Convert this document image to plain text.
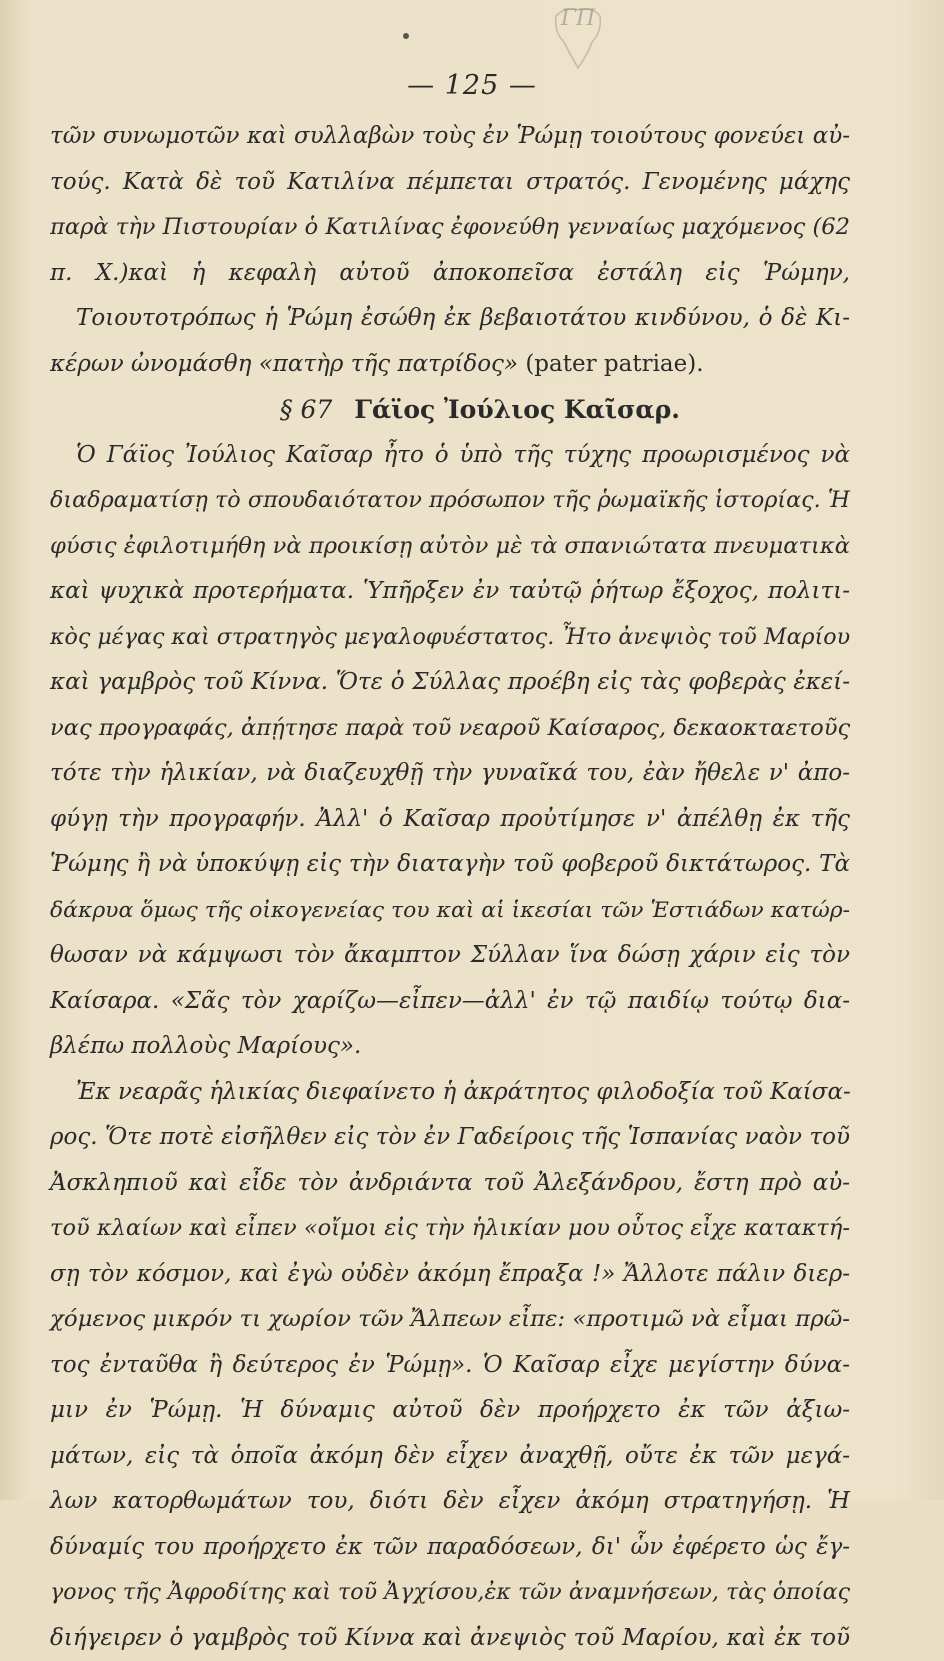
ΓΠ
— 125 —
τῶν συνωμοτῶν καὶ συλλαβὼν τοὺς ἐν Ῥώμῃ τοιούτους φονεύει αὐ-
τούς. Κατὰ δὲ τοῦ Κατιλίνα πέμπεται στρατός. Γενομένης μάχης
παρὰ τὴν Πιστουρίαν ὁ Κατιλίνας ἐφονεύθη γενναίως μαχόμενος (62
π. Χ.)καὶ ἡ κεφαλὴ αὐτοῦ ἀποκοπεῖσα ἐστάλη εἰς Ῥώμην,
Τοιουτοτρόπως ἡ Ῥώμη ἐσώθη ἐκ βεβαιοτάτου κινδύνου, ὁ δὲ Κι-
κέρων ὠνομάσθη «πατὴρ τῆς πατρίδος» (pater patriae).
§ 67 Γάϊος Ἰούλιος Καῖσαρ.
Ὁ Γάϊος Ἰούλιος Καῖσαρ ἦτο ὁ ὑπὸ τῆς τύχης προωρισμένος νὰ
διαδραματίσῃ τὸ σπουδαιότατον πρόσωπον τῆς ῥωμαϊκῆς ἱστορίας. Ἡ
φύσις ἐφιλοτιμήθη νὰ προικίσῃ αὐτὸν μὲ τὰ σπανιώτατα πνευματικὰ
καὶ ψυχικὰ προτερήματα. Ὑπῆρξεν ἐν ταὐτῷ ῥήτωρ ἔξοχος, πολιτι-
κὸς μέγας καὶ στρατηγὸς μεγαλοφυέστατος. Ἦτο ἀνεψιὸς τοῦ Μαρίου
καὶ γαμβρὸς τοῦ Κίννα. Ὅτε ὁ Σύλλας προέβη εἰς τὰς φοβερὰς ἐκεί-
νας προγραφάς, ἀπῄτησε παρὰ τοῦ νεαροῦ Καίσαρος, δεκαοκταετοῦς
τότε τὴν ἡλικίαν, νὰ διαζευχθῇ τὴν γυναῖκά του, ἐὰν ἤθελε ν' ἀπο-
φύγῃ τὴν προγραφήν. Ἀλλ' ὁ Καῖσαρ προὐτίμησε ν' ἀπέλθῃ ἐκ τῆς
Ῥώμης ἢ νὰ ὑποκύψῃ εἰς τὴν διαταγὴν τοῦ φοβεροῦ δικτάτωρος. Τὰ
δάκρυα ὅμως τῆς οἰκογενείας του καὶ αἱ ἱκεσίαι τῶν Ἑστιάδων κατώρ-
θωσαν νὰ κάμψωσι τὸν ἄκαμπτον Σύλλαν ἵνα δώσῃ χάριν εἰς τὸν
Καίσαρα. «Σᾶς τὸν χαρίζω—εἶπεν—ἀλλ' ἐν τῷ παιδίῳ τούτῳ δια-
βλέπω πολλοὺς Μαρίους».
Ἐκ νεαρᾶς ἡλικίας διεφαίνετο ἡ ἀκράτητος φιλοδοξία τοῦ Καίσα-
ρος. Ὅτε ποτὲ εἰσῆλθεν εἰς τὸν ἐν Γαδείροις τῆς Ἱσπανίας ναὸν τοῦ
Ἀσκληπιοῦ καὶ εἶδε τὸν ἀνδριάντα τοῦ Ἀλεξάνδρου, ἔστη πρὸ αὐ-
τοῦ κλαίων καὶ εἶπεν «οἴμοι εἰς τὴν ἡλικίαν μου οὗτος εἶχε κατακτή-
σῃ τὸν κόσμον, καὶ ἐγὼ οὐδὲν ἀκόμη ἔπραξα !» Ἄλλοτε πάλιν διερ-
χόμενος μικρόν τι χωρίον τῶν Ἄλπεων εἶπε: «προτιμῶ νὰ εἶμαι πρῶ-
τος ἐνταῦθα ἢ δεύτερος ἐν Ῥώμῃ». Ὁ Καῖσαρ εἶχε μεγίστην δύνα-
μιν ἐν Ῥώμῃ. Ἡ δύναμις αὐτοῦ δὲν προήρχετο ἐκ τῶν ἀξιω-
μάτων, εἰς τὰ ὁποῖα ἀκόμη δὲν εἶχεν ἀναχθῇ, οὔτε ἐκ τῶν μεγά-
λων κατορθωμάτων του, διότι δὲν εἶχεν ἀκόμη στρατηγήσῃ. Ἡ
δύναμίς του προήρχετο ἐκ τῶν παραδόσεων, δι' ὧν ἐφέρετο ὡς ἔγ-
γονος τῆς Ἀφροδίτης καὶ τοῦ Ἀγχίσου,ἐκ τῶν ἀναμνήσεων, τὰς ὁποίας
διήγειρεν ὁ γαμβρὸς τοῦ Κίννα καὶ ἀνεψιὸς τοῦ Μαρίου, καὶ ἐκ τοῦ
